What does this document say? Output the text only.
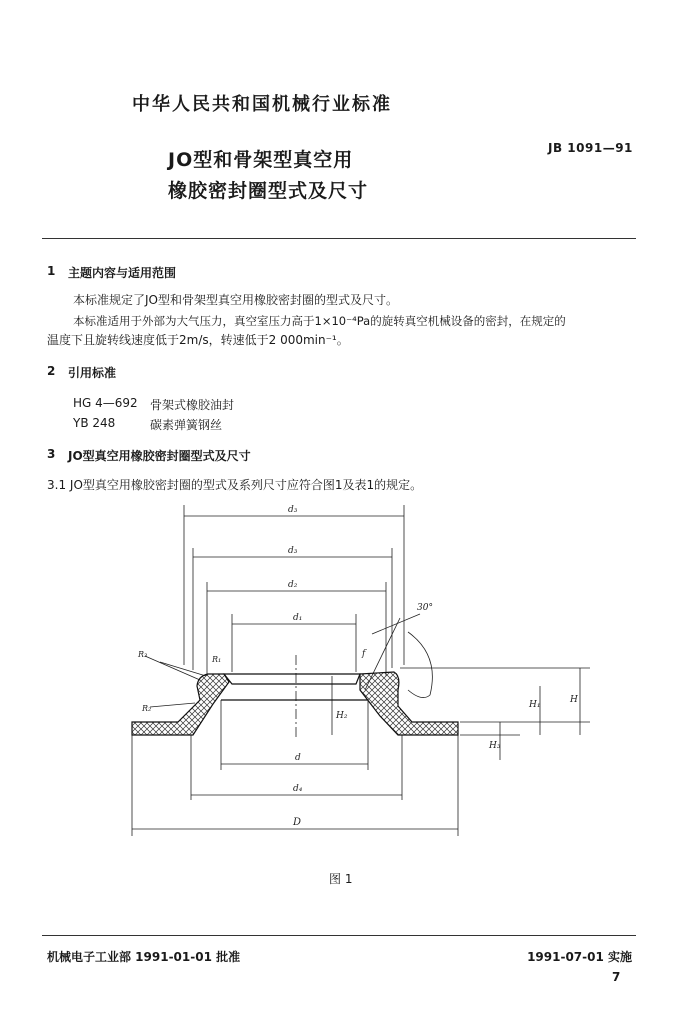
中华人民共和国机械行业标准
JO型和骨架型真空用
橡胶密封圈型式及尺寸
JB 1091—91
1 主题内容与适用范围
本标准规定了JO型和骨架型真空用橡胶密封圈的型式及尺寸。
本标准适用于外部为大气压力，真空室压力高于1×10⁻⁴Pa的旋转真空机械设备的密封，在规定的
温度下且旋转线速度低于2m/s，转速低于2 000min⁻¹。
2 引用标准
HG 4—692 骨架式橡胶油封
YB 248	碳素弹簧钢丝
3 JO型真空用橡胶密封圈型式及尺寸
3.1 JO型真空用橡胶密封圈的型式及系列尺寸应符合图1及表1的规定。
d₃
d₃
d₂
d₁
d
d₄
D
R₃
R₁
R₂
f
30°
H₂
H₁	H
H₃
图 1
机械电子工业部 1991-01-01 批准	1991-07-01 实施
7
